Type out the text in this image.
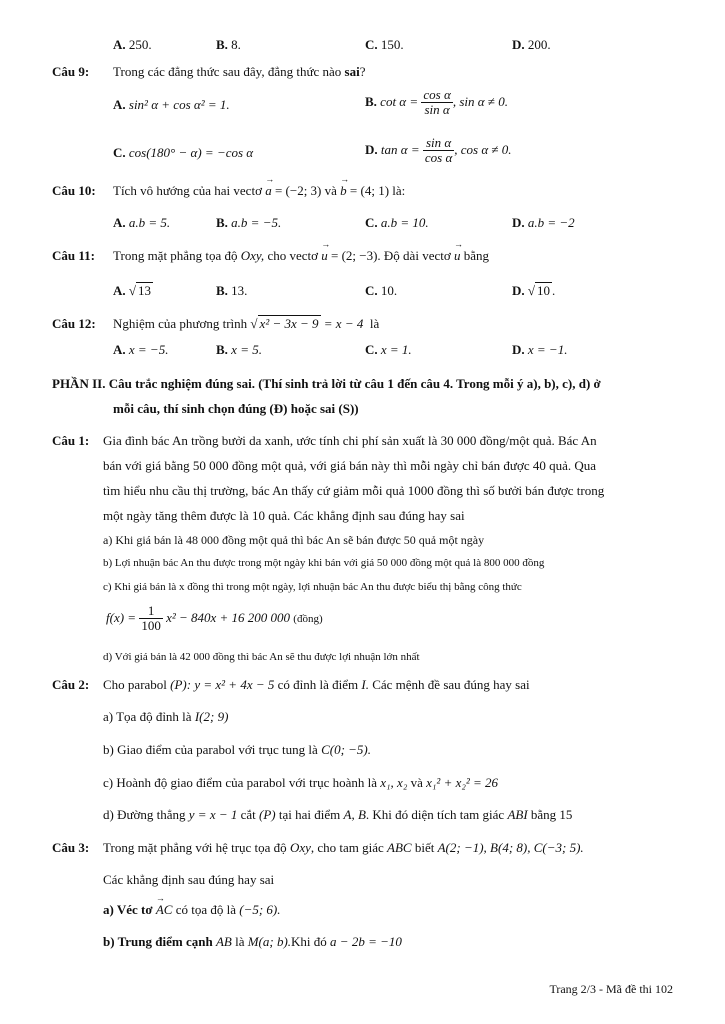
A. 250.	B. 8.	C. 150.	D. 200.
Câu 9: Trong các đẳng thức sau đây, đẳng thức nào sai?
A. sin² α + cos α² = 1.	B. $\cot \alpha = \frac{\text{cos α}}{\text{sin α}}$ , sin α ≠ 0.
C. cos(180° − α) = −cos α	D. $\tan \alpha = \frac{\text{sin α}}{\text{cos α}}$ , cos α ≠ 0.
Câu 10: Tích vô hướng của hai vectơ → a = (−2; 3) và → b = (4; 1) là:
A. a.b = 5.	B. a.b = −5.	C. a.b = 10.	D. a.b = −2
Câu 11: Trong mặt phẳng tọa độ Oxy, cho vectơ → u = (2; −3). Độ dài vectơ → u bằng
A. √ 13	B. 13.	C. 10.	D. √ 10 .
Câu 12: Nghiệm của phương trình √ x² − 3x − 9 = x − 4 là
A. x = −5.	B. x = 5.	C. x = 1.	D. x = −1.
PHẦN II. Câu trắc nghiệm đúng sai. (Thí sinh trả lời từ câu 1 đến câu 4. Trong mỗi ý a), b), c), d) ở
mỗi câu, thí sinh chọn đúng (Đ) hoặc sai (S))
Câu 1: Gia đình bác An trồng bưởi da xanh, ước tính chi phí sản xuất là 30 000 đồng/một quả. Bác An
bán với giá bằng 50 000 đồng một quả, với giá bán này thì mỗi ngày chỉ bán được 40 quả. Qua
tìm hiểu nhu cầu thị trường, bác An thấy cứ giảm mỗi quả 1000 đồng thì số bưởi bán được trong
một ngày tăng thêm được là 10 quả. Các khẳng định sau đúng hay sai
a) Khi giá bán là 48 000 đồng một quả thì bác An sẽ bán được 50 quả một ngày
b) Lợi nhuận bác An thu được trong một ngày khi bán với giá 50 000 đồng một quả là 800 000 đồng
c) Khi giá bán là x đồng thì trong một ngày, lợi nhuận bác An thu được biểu thị bằng công thức
$f(x) = \frac{1}{100} x^2 - 840x + 16$ 200 000 (đồng)
d) Với giá bán là 42 000 đồng thì bác An sẽ thu được lợi nhuận lớn nhất
Câu 2: Cho parabol (P): y = x² + 4x − 5 có đỉnh là điểm I. Các mệnh đề sau đúng hay sai
a) Tọa độ đỉnh là I(2; 9)
b) Giao điểm của parabol với trục tung là C(0; −5).
c) Hoành độ giao điểm của parabol với trục hoành là x₁, x₂ và x₁² + x₂² = 26
d) Đường thẳng y = x − 1 cắt (P) tại hai điểm A, B. Khi đó diện tích tam giác ABI bằng 15
Câu 3: Trong mặt phẳng với hệ trục tọa độ Oxy, cho tam giác ABC biết A(2; −1), B(4; 8), C(−3; 5).
Các khẳng định sau đúng hay sai
a) Véc tơ → AC có tọa độ là (−5; 6).
b) Trung điểm cạnh AB là M(a; b).Khi đó a − 2b = −10
Trang 2/3 - Mã đề thi 102
